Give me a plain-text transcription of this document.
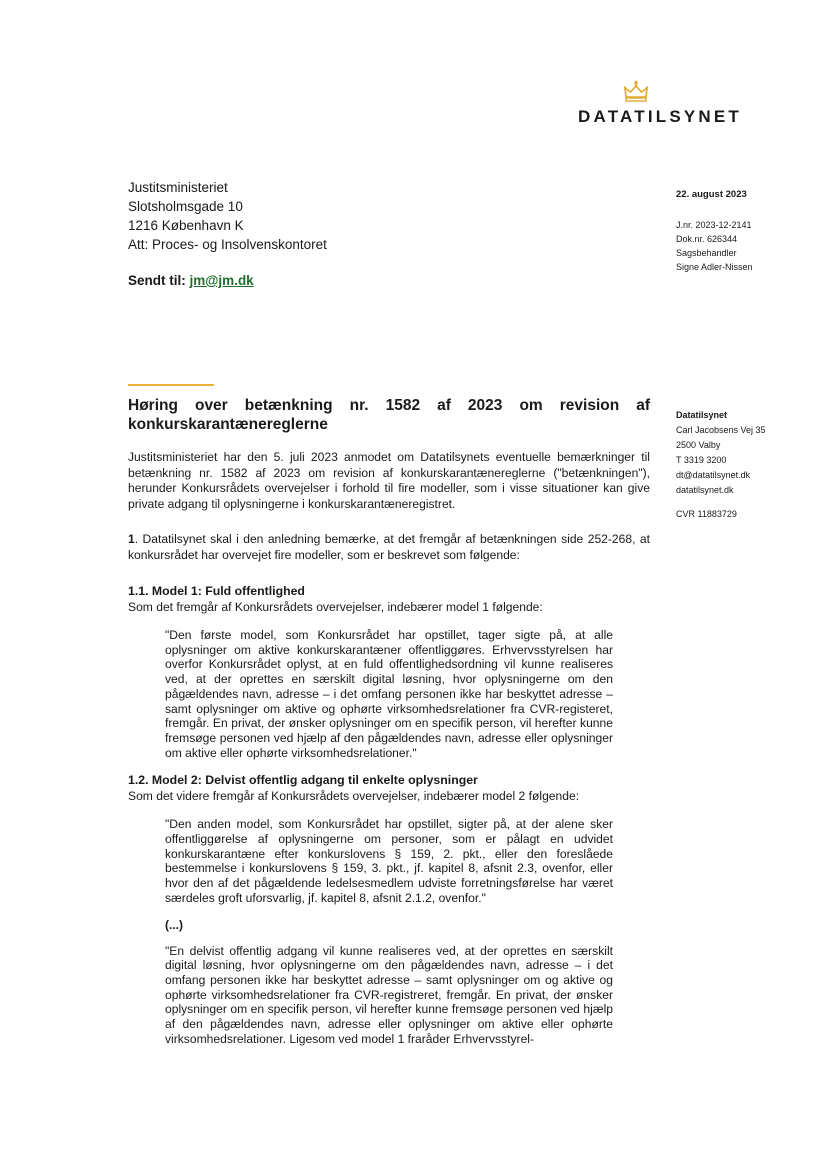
DATATILSYNET
Justitsministeriet
Slotsholmsgade 10
1216 København K
Att: Proces- og Insolvenskontoret
Sendt til: jm@jm.dk
22. august 2023
J.nr. 2023-12-2141
Dok.nr. 626344
Sagsbehandler
Signe Adler-Nissen
Datatilsynet
Carl Jacobsens Vej 35
2500 Valby
T 3319 3200
dt@datatilsynet.dk
datatilsynet.dk
CVR 11883729
Høring over betænkning nr. 1582 af 2023 om revision af konkurskarantænereglerne

Justitsministeriet har den 5. juli 2023 anmodet om Datatilsynets eventuelle bemærkninger til betænkning nr. 1582 af 2023 om revision af konkurskarantænereglerne ("betænkningen"), herunder Konkursrådets overvejelser i forhold til fire modeller, som i visse situationer kan give private adgang til oplysningerne i konkurskarantæneregistret.

1. Datatilsynet skal i den anledning bemærke, at det fremgår af betænkningen side 252-268, at konkursrådet har overvejet fire modeller, som er beskrevet som følgende:

1.1. Model 1: Fuld offentlighed

Som det fremgår af Konkursrådets overvejelser, indebærer model 1 følgende:

"Den første model, som Konkursrådet har opstillet, tager sigte på, at alle oplysninger om aktive konkurskarantæner offentliggøres. Erhvervsstyrelsen har overfor Konkursrådet oplyst, at en fuld offentlighedsordning vil kunne realiseres ved, at der oprettes en særskilt digital løsning, hvor oplysningerne om den pågældendes navn, adresse – i det omfang personen ikke har beskyttet adresse – samt oplysninger om aktive og ophørte virksomhedsrelationer fra CVR-registeret, fremgår. En privat, der ønsker oplysninger om en specifik person, vil herefter kunne fremsøge personen ved hjælp af den pågældendes navn, adresse eller oplysninger om aktive eller ophørte virksomhedsrelationer."
1.2. Model 2: Delvist offentlig adgang til enkelte oplysninger

Som det videre fremgår af Konkursrådets overvejelser, indebærer model 2 følgende:

"Den anden model, som Konkursrådet har opstillet, sigter på, at der alene sker offentliggørelse af oplysningerne om personer, som er pålagt en udvidet konkurskarantæne efter konkurslovens § 159, 2. pkt., eller den foreslåede bestemmelse i konkurslovens § 159, 3. pkt., jf. kapitel 8, afsnit 2.3, ovenfor, eller hvor den af det pågældende ledelsesmedlem udviste forretningsførelse har været særdeles groft uforsvarlig, jf. kapitel 8, afsnit 2.1.2, ovenfor."
(...)
"En delvist offentlig adgang vil kunne realiseres ved, at der oprettes en særskilt digital løsning, hvor oplysningerne om den pågældendes navn, adresse – i det omfang personen ikke har beskyttet adresse – samt oplysninger om og aktive og ophørte virksomhedsrelationer fra CVR-registreret, fremgår. En privat, der ønsker oplysninger om en specifik person, vil herefter kunne fremsøge personen ved hjælp af den pågældendes navn, adresse eller oplysninger om aktive eller ophørte virksomhedsrelationer. Ligesom ved model 1 fraråder Erhvervsstyrel-
